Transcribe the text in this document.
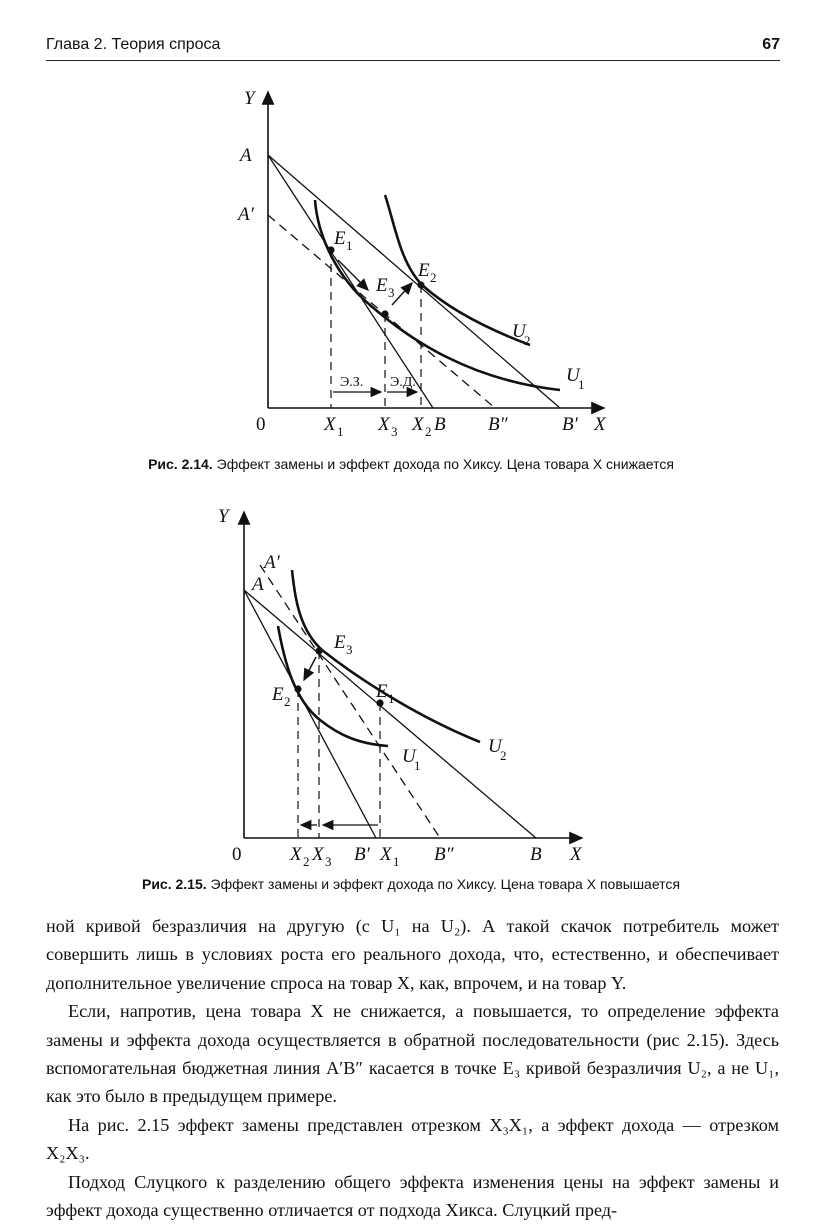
Глава 2. Теория спроса	67
Э.З. Э.Д.
Y
A
A′
0
E 1
E 3
E 2
U
2
U
1
X 1 X 3 X 2 B B″	B′ X
Рис. 2.14. Эффект замены и эффект дохода по Хиксу. Цена товара X снижается
Y
A
A′
0
E 3
E 2	E 1
U
1
U
2
X 2 X 3 B′ X 1 B″	B X
Рис. 2.15. Эффект замены и эффект дохода по Хиксу. Цена товара X повышается

ной кривой безразличия на другую (с U₁ на U₂). А такой скачок потребитель может совершить лишь в условиях роста его реального дохода, что, естественно, и обеспечивает дополнительное увеличение спроса на товар X, как, впрочем, и на товар Y.

Если, напротив, цена товара X не снижается, а повышается, то определение эффекта замены и эффекта дохода осуществляется в обратной последовательности (рис 2.15). Здесь вспомогательная бюджетная линия A′B″ касается в точке E₃ кривой безразличия U₂, а не U₁, как это было в предыдущем примере.

На рис. 2.15 эффект замены представлен отрезком X₃X₁, а эффект дохода — отрезком X₂X₃.

Подход Слуцкого к разделению общего эффекта изменения цены на эффект замены и эффект дохода существенно отличается от подхода Хикса. Слуцкий пред-
